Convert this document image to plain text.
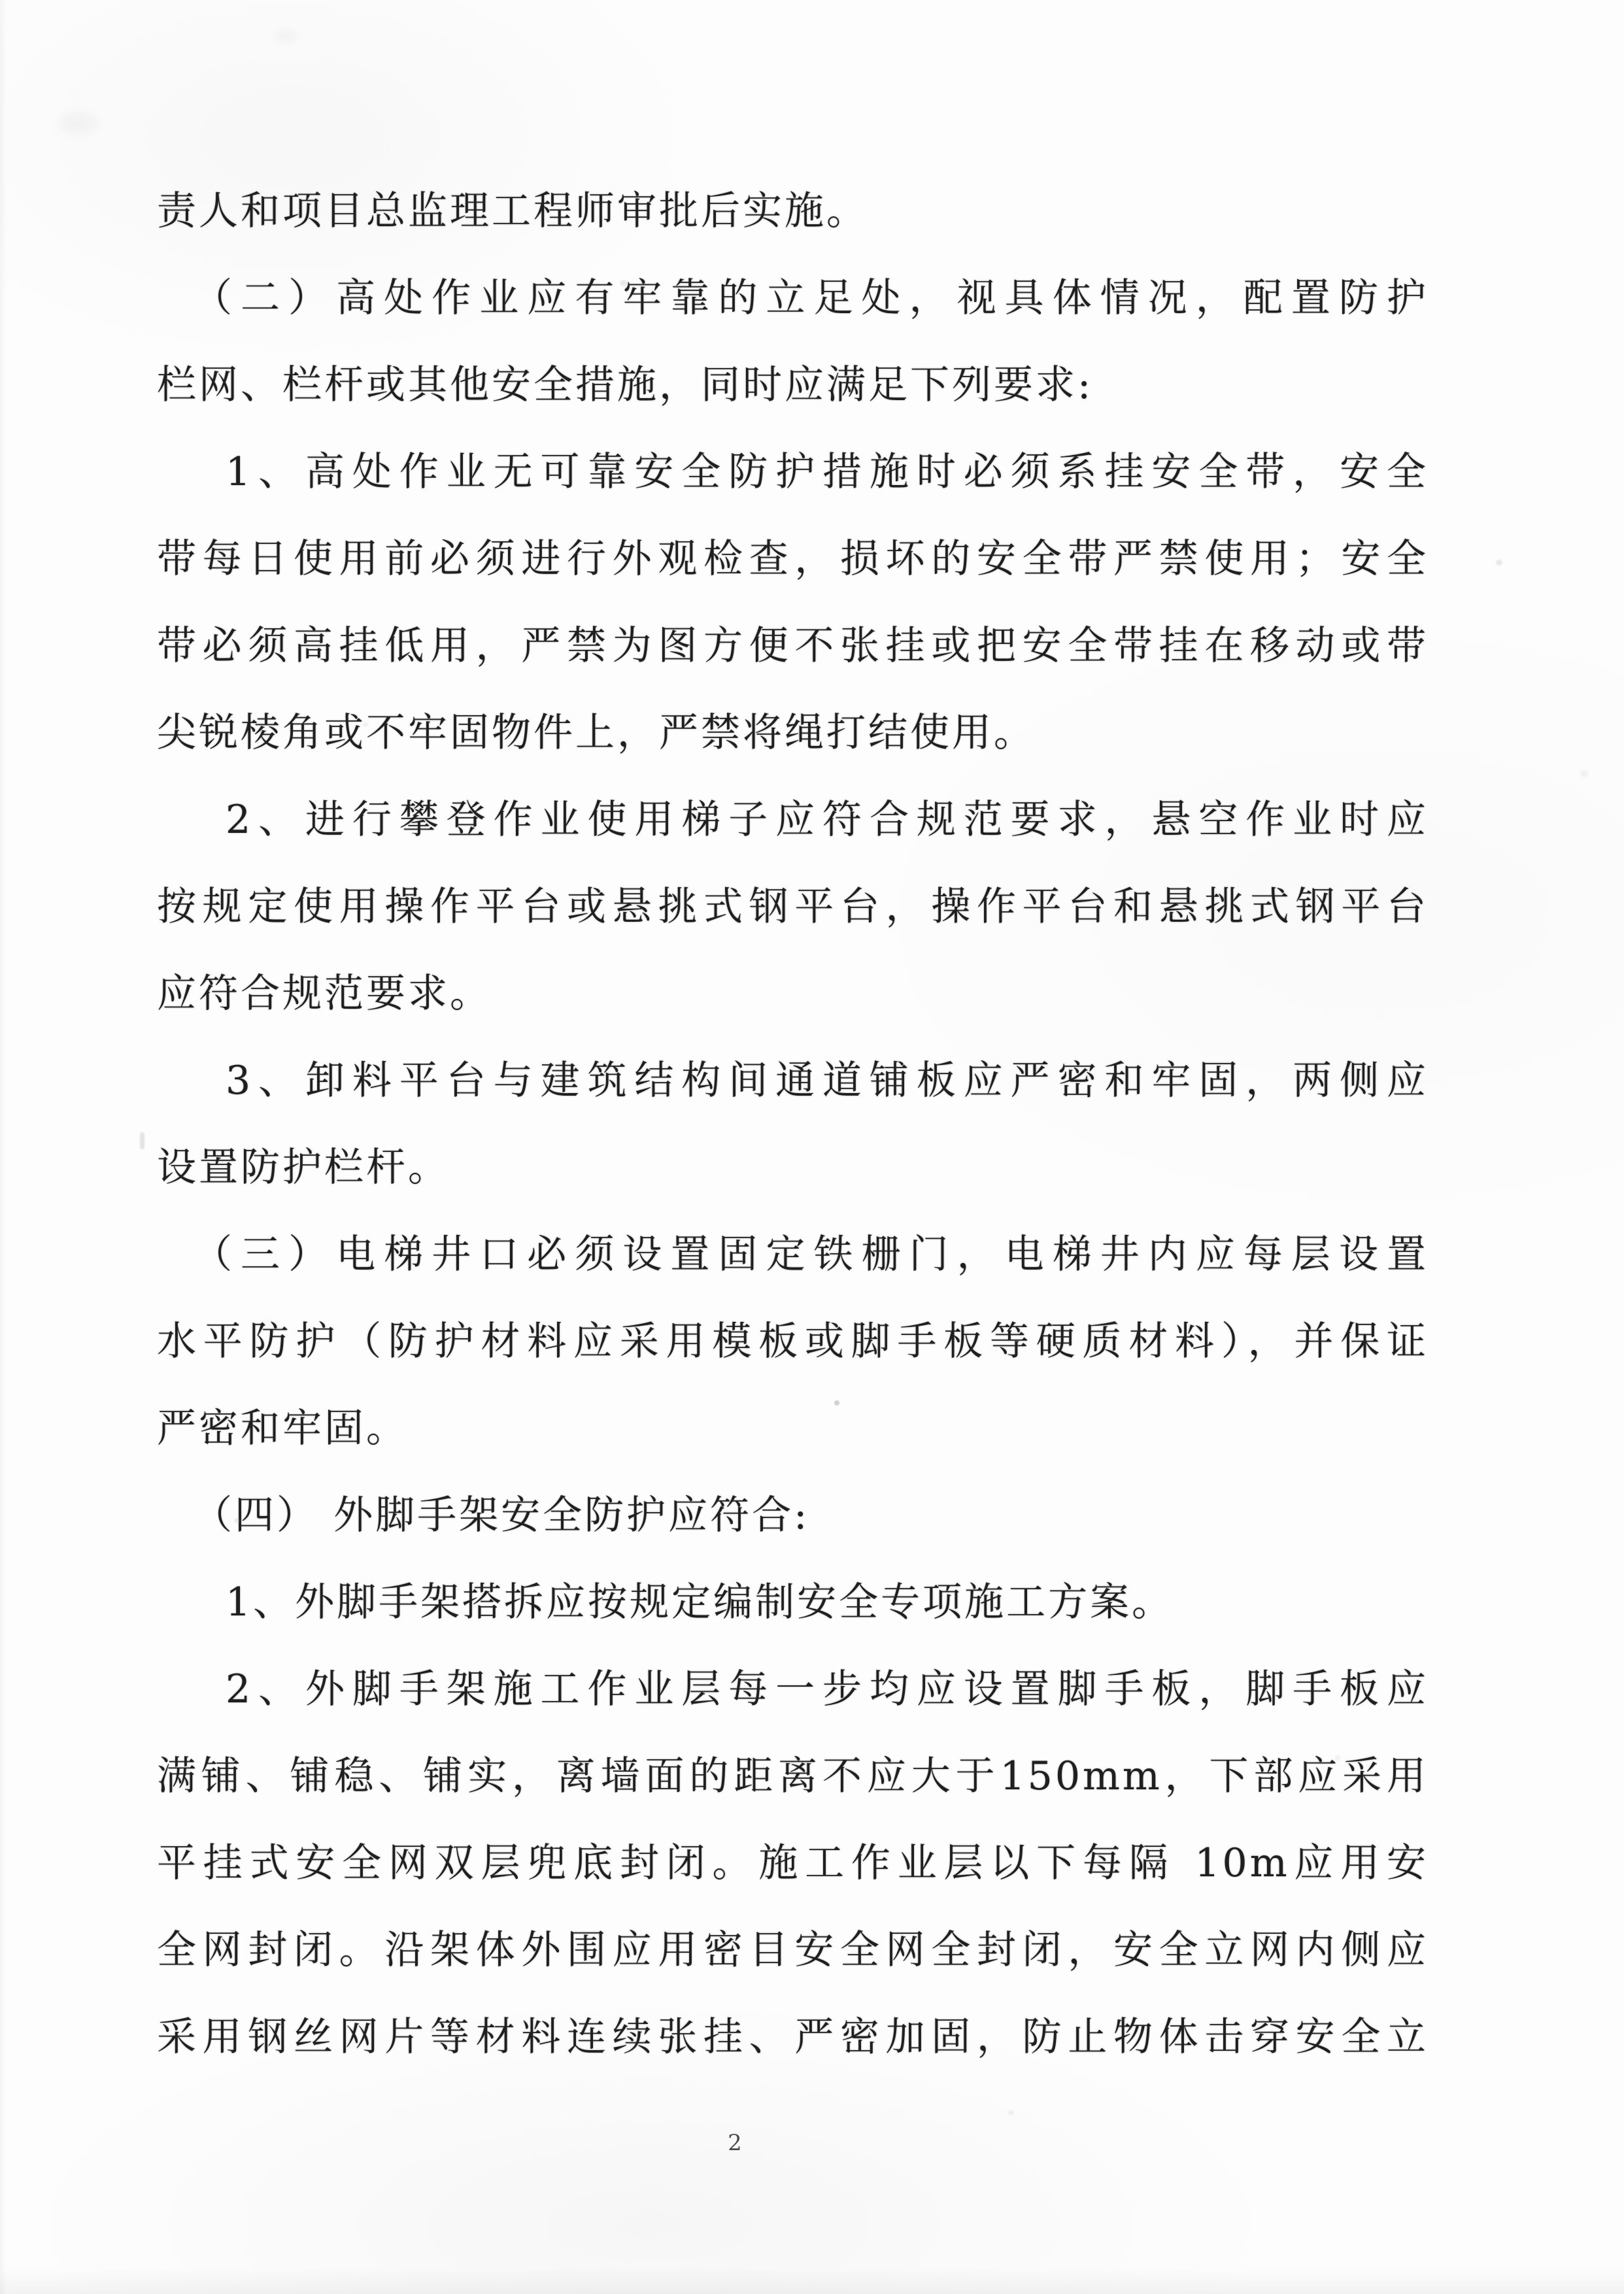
责人和项目总监理工程师审批后实施。
（二）高处作业应有牢靠的立足处，视具体情况，配置防护
栏网、栏杆或其他安全措施，同时应满足下列要求:
1、高处作业无可靠安全防护措施时必须系挂安全带，安全
带每日使用前必须进行外观检查，损坏的安全带严禁使用；安全
带必须高挂低用，严禁为图方便不张挂或把安全带挂在移动或带
尖锐棱角或不牢固物件上，严禁将绳打结使用。
2、进行攀登作业使用梯子应符合规范要求，悬空作业时应
按规定使用操作平台或悬挑式钢平台，操作平台和悬挑式钢平台
应符合规范要求。
3、卸料平台与建筑结构间通道铺板应严密和牢固，两侧应
设置防护栏杆。
（三）电梯井口必须设置固定铁栅门，电梯井内应每层设置
水平防护（防护材料应采用模板或脚手板等硬质材料），并保证
严密和牢固。
（四） 外脚手架安全防护应符合:
1、外脚手架搭拆应按规定编制安全专项施工方案。
2、外脚手架施工作业层每一步均应设置脚手板，脚手板应
满铺、铺稳、铺实，离墙面的距离不应大于150mm，下部应采用
平挂式安全网双层兜底封闭。施工作业层以下每隔 10m应用安
全网封闭。沿架体外围应用密目安全网全封闭，安全立网内侧应
采用钢丝网片等材料连续张挂、严密加固，防止物体击穿安全立
2
